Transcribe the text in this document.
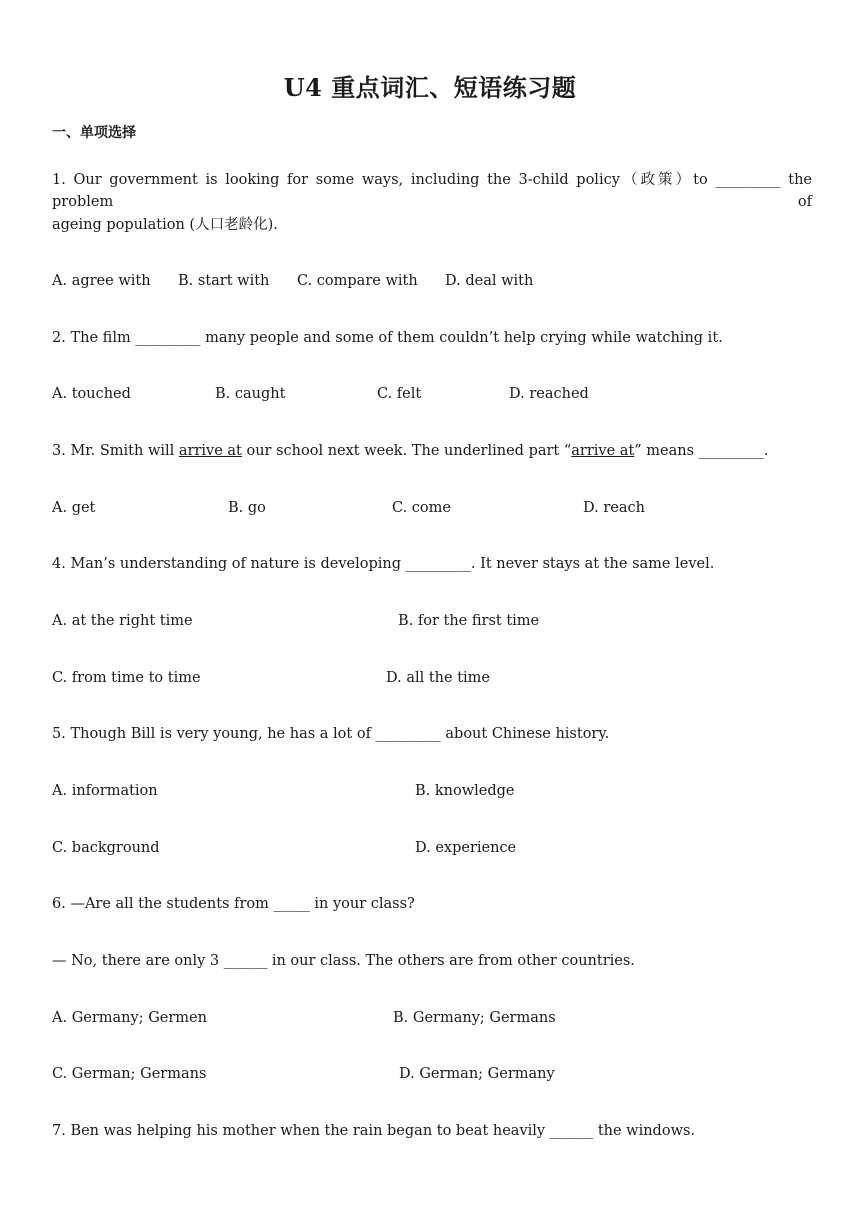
U4 重点词汇、短语练习题
一、单项选择
1. Our government is looking for some ways, including the 3-child policy（政策）to _________ the problem of
ageing population (人口老龄化).
A. agree with B. start with C. compare with D. deal with
2. The film _________ many people and some of them couldn’t help crying while watching it.
A. touched	B. caught	C. felt	D. reached
3. Mr. Smith will arrive at our school next week. The underlined part “arrive at” means _________.
A. get	B. go	C. come	D. reach
4. Man’s understanding of nature is developing _________. It never stays at the same level.
A. at the right time	B. for the first time
C. from time to time	D. all the time
5. Though Bill is very young, he has a lot of _________ about Chinese history.
A. information	B. knowledge
C. background	D. experience
6. —Are all the students from _____ in your class?
— No, there are only 3 ______ in our class. The others are from other countries.
A. Germany; Germen	B. Germany; Germans
C. German; Germans	D. German; Germany
7. Ben was helping his mother when the rain began to beat heavily ______ the windows.
